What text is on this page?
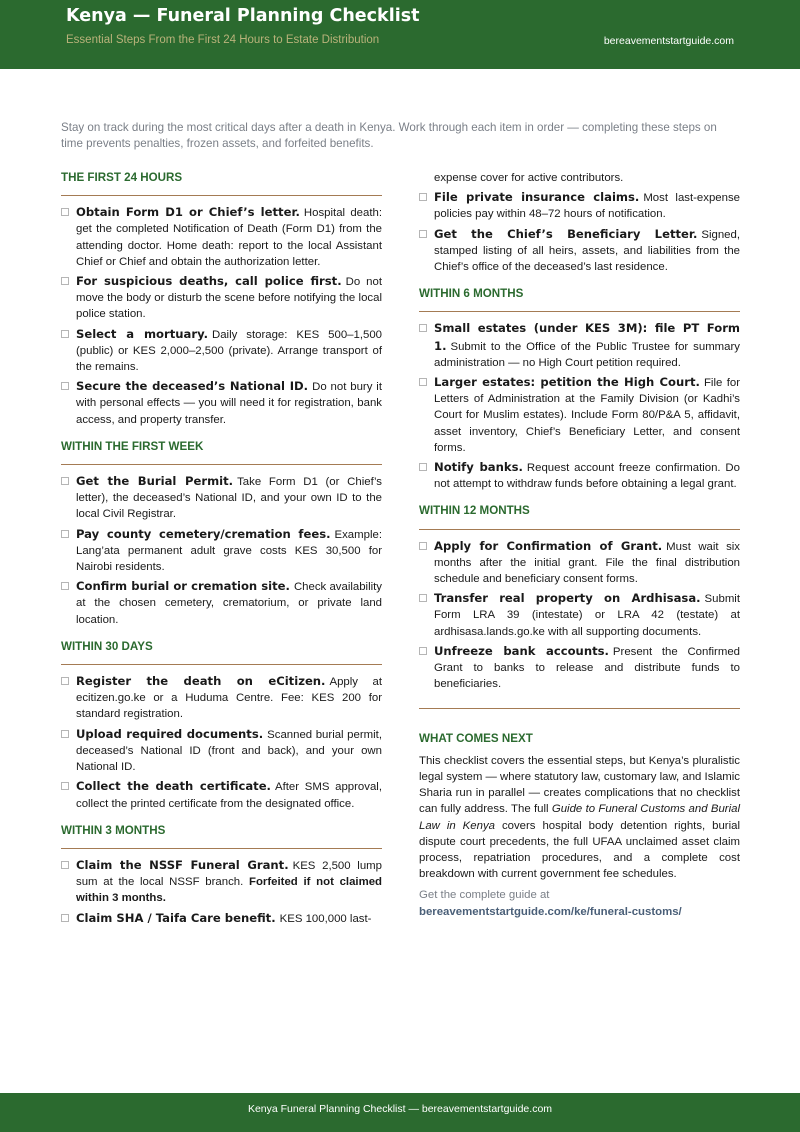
Kenya — Funeral Planning Checklist
Essential Steps From the First 24 Hours to Estate Distribution	bereavementstartguide.com
Stay on track during the most critical days after a death in Kenya. Work through each item in order — completing these steps on time prevents penalties, frozen assets, and forfeited benefits.
THE FIRST 24 HOURS
Obtain Form D1 or Chief’s letter. Hospital death: get the completed Notification of Death (Form D1) from the attending doctor. Home death: report to the local Assistant Chief or Chief and obtain the authorization letter.
For suspicious deaths, call police first. Do not move the body or disturb the scene before notifying the local police station.
Select a mortuary. Daily storage: KES 500–1,500 (public) or KES 2,000–2,500 (private). Arrange transport of the remains.
Secure the deceased’s National ID. Do not bury it with personal effects — you will need it for registration, bank access, and property transfer.
WITHIN THE FIRST WEEK
Get the Burial Permit. Take Form D1 (or Chief’s letter), the deceased’s National ID, and your own ID to the local Civil Registrar.
Pay county cemetery/cremation fees. Example: Lang’ata permanent adult grave costs KES 30,500 for Nairobi residents.
Confirm burial or cremation site. Check availability at the chosen cemetery, crematorium, or private land location.
WITHIN 30 DAYS
Register the death on eCitizen. Apply at ecitizen.go.ke or a Huduma Centre. Fee: KES 200 for standard registration.
Upload required documents. Scanned burial permit, deceased’s National ID (front and back), and your own National ID.
Collect the death certificate. After SMS approval, collect the printed certificate from the designated office.
WITHIN 3 MONTHS
Claim the NSSF Funeral Grant. KES 2,500 lump sum at the local NSSF branch. Forfeited if not claimed within 3 months.
Claim SHA / Taifa Care benefit. KES 100,000 last-
expense cover for active contributors.
File private insurance claims. Most last-expense policies pay within 48–72 hours of notification.
Get the Chief’s Beneficiary Letter. Signed, stamped listing of all heirs, assets, and liabilities from the Chief’s office of the deceased’s last residence.
WITHIN 6 MONTHS
Small estates (under KES 3M): file PT Form 1. Submit to the Office of the Public Trustee for summary administration — no High Court petition required.
Larger estates: petition the High Court. File for Letters of Administration at the Family Division (or Kadhi’s Court for Muslim estates). Include Form 80/P&A 5, affidavit, asset inventory, Chief’s Beneficiary Letter, and consent forms.
Notify banks. Request account freeze confirmation. Do not attempt to withdraw funds before obtaining a legal grant.
WITHIN 12 MONTHS
Apply for Confirmation of Grant. Must wait six months after the initial grant. File the final distribution schedule and beneficiary consent forms.
Transfer real property on Ardhisasa. Submit Form LRA 39 (intestate) or LRA 42 (testate) at ardhisasa.lands.go.ke with all supporting documents.
Unfreeze bank accounts. Present the Confirmed Grant to banks to release and distribute funds to beneficiaries.
WHAT COMES NEXT
This checklist covers the essential steps, but Kenya’s pluralistic legal system — where statutory law, customary law, and Islamic Sharia run in parallel — creates complications that no checklist can fully address. The full Guide to Funeral Customs and Burial Law in Kenya covers hospital body detention rights, burial dispute court precedents, the full UFAA unclaimed asset claim process, repatriation procedures, and a complete cost breakdown with current government fee schedules.
Get the complete guide at
bereavementstartguide.com/ke/funeral-customs/
Kenya Funeral Planning Checklist — bereavementstartguide.com
